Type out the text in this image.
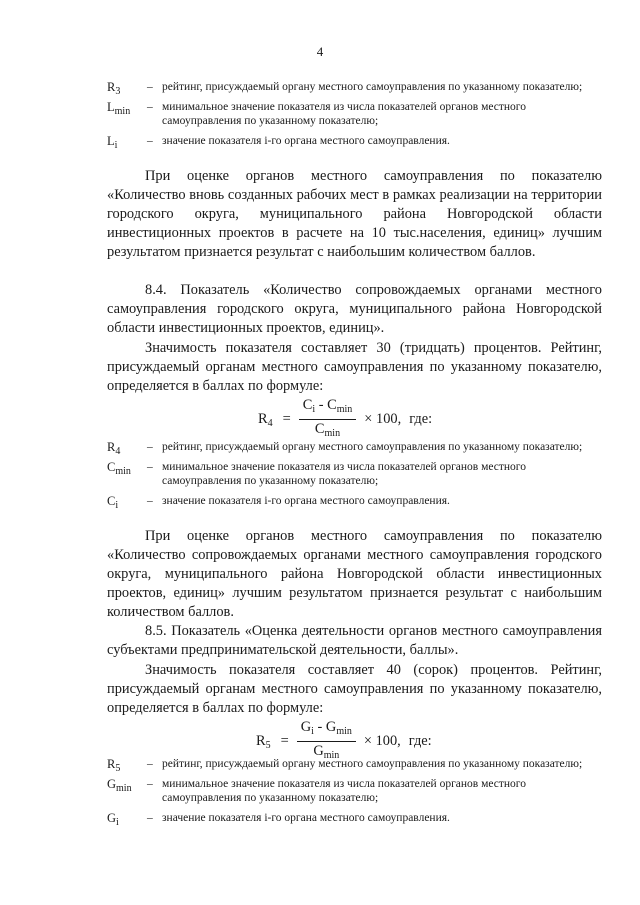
4
$R_3$	– рейтинг, присуждаемый органу местного самоуправления по указанному показателю;
$L_{min}$	– минимальное значение показателя из числа показателей органов местного самоуправления по указанному показателю;
$L_i$	– значение показателя i-го органа местного самоуправления.
При оценке органов местного самоуправления по показателю «Количество вновь созданных рабочих мест в рамках реализации на территории городского округа, муниципального района Новгородской области инвестиционных проектов в расчете на 10 тыс.населения, единиц» лучшим результатом признается результат с наибольшим количеством баллов.
8.4. Показатель «Количество сопровождаемых органами местного самоуправления городского округа, муниципального района Новгородской области инвестиционных проектов, единиц».
Значимость показателя составляет 30 (тридцать) процентов. Рейтинг, присуждаемый органам местного самоуправления по указанному показателю, определяется в баллах по формуле:
$R_4 = \frac{C_i - C_{min}}{C_{min}} \times 100$, где:
$R_4$	– рейтинг, присуждаемый органу местного самоуправления по указанному показателю;
$C_{min}$	– минимальное значение показателя из числа показателей органов местного самоуправления по указанному показателю;
$C_i$	– значение показателя i-го органа местного самоуправления.
При оценке органов местного самоуправления по показателю «Количество сопровождаемых органами местного самоуправления городского округа, муниципального района Новгородской области инвестиционных проектов, единиц» лучшим результатом признается результат с наибольшим количеством баллов.
8.5. Показатель «Оценка деятельности органов местного самоуправления субъектами предпринимательской деятельности, баллы».
Значимость показателя составляет 40 (сорок) процентов. Рейтинг, присуждаемый органам местного самоуправления по указанному показателю, определяется в баллах по формуле:
$R_5 = \frac{G_i - G_{min}}{G_{min}} \times 100$, где:
$R_5$	– рейтинг, присуждаемый органу местного самоуправления по указанному показателю;
$G_{min}$	– минимальное значение показателя из числа показателей органов местного самоуправления по указанному показателю;
$G_i$	– значение показателя i-го органа местного самоуправления.
